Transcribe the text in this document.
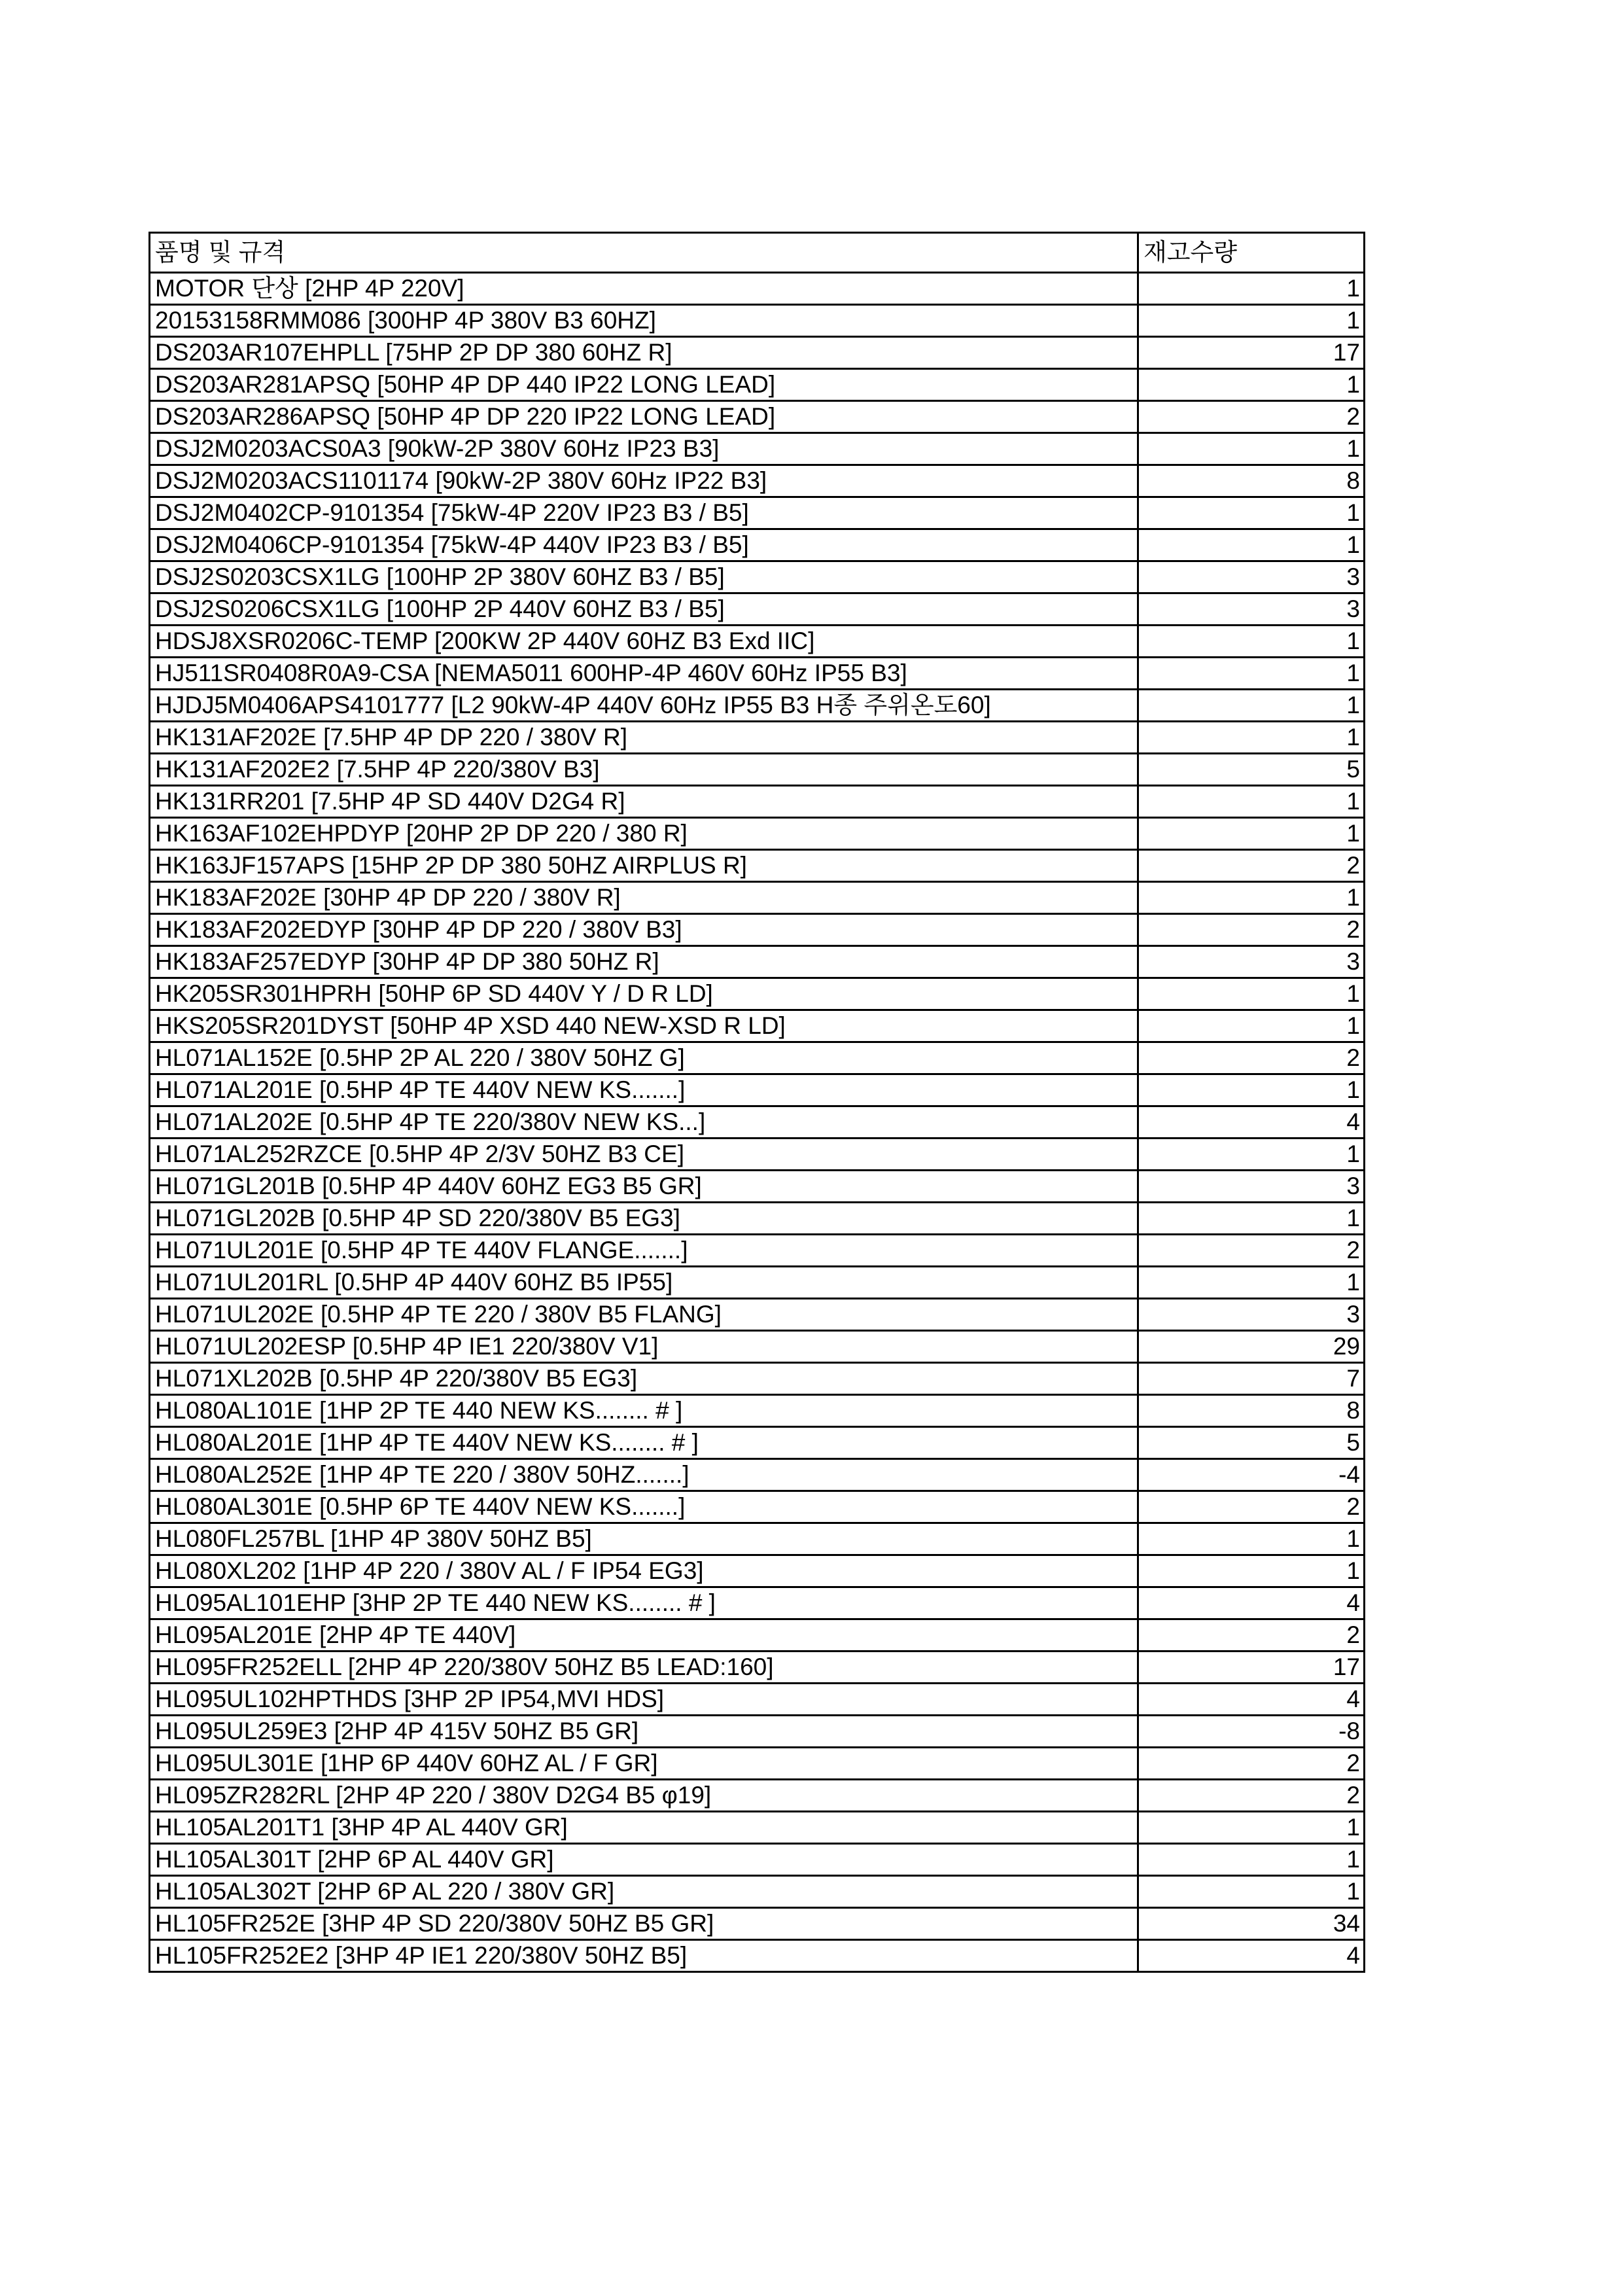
품명 및 규격	재고수량
MOTOR 단상 [2HP 4P 220V]	1
20153158RMM086 [300HP 4P 380V B3 60HZ]	1
DS203AR107EHPLL [75HP 2P DP 380 60HZ R]	17
DS203AR281APSQ [50HP 4P DP 440 IP22 LONG LEAD]	1
DS203AR286APSQ [50HP 4P DP 220 IP22 LONG LEAD]	2
DSJ2M0203ACS0A3 [90kW-2P 380V 60Hz IP23 B3]	1
DSJ2M0203ACS1101174 [90kW-2P 380V 60Hz IP22 B3]	8
DSJ2M0402CP-9101354 [75kW-4P 220V IP23 B3 / B5]	1
DSJ2M0406CP-9101354 [75kW-4P 440V IP23 B3 / B5]	1
DSJ2S0203CSX1LG [100HP 2P 380V 60HZ B3 / B5]	3
DSJ2S0206CSX1LG [100HP 2P 440V 60HZ B3 / B5]	3
HDSJ8XSR0206C-TEMP [200KW 2P 440V 60HZ B3 Exd IIC]	1
HJ511SR0408R0A9-CSA [NEMA5011 600HP-4P 460V 60Hz IP55 B3]	1
HJDJ5M0406APS4101777 [L2 90kW-4P 440V 60Hz IP55 B3 H종 주위온도60]	1
HK131AF202E [7.5HP 4P DP 220 / 380V R]	1
HK131AF202E2 [7.5HP 4P 220/380V B3]	5
HK131RR201 [7.5HP 4P SD 440V D2G4 R]	1
HK163AF102EHPDYP [20HP 2P DP 220 / 380 R]	1
HK163JF157APS [15HP 2P DP 380 50HZ AIRPLUS R]	2
HK183AF202E [30HP 4P DP 220 / 380V R]	1
HK183AF202EDYP [30HP 4P DP 220 / 380V B3]	2
HK183AF257EDYP [30HP 4P DP 380 50HZ R]	3
HK205SR301HPRH [50HP 6P SD 440V Y / D R LD]	1
HKS205SR201DYST [50HP 4P XSD 440 NEW-XSD R LD]	1
HL071AL152E [0.5HP 2P AL 220 / 380V 50HZ G]	2
HL071AL201E [0.5HP 4P TE 440V NEW KS.......]	1
HL071AL202E [0.5HP 4P TE 220/380V NEW KS...]	4
HL071AL252RZCE [0.5HP 4P 2/3V 50HZ B3 CE]	1
HL071GL201B [0.5HP 4P 440V 60HZ EG3 B5 GR]	3
HL071GL202B [0.5HP 4P SD 220/380V B5 EG3]	1
HL071UL201E [0.5HP 4P TE 440V FLANGE.......]	2
HL071UL201RL [0.5HP 4P 440V 60HZ B5 IP55]	1
HL071UL202E [0.5HP 4P TE 220 / 380V B5 FLANG]	3
HL071UL202ESP [0.5HP 4P IE1 220/380V V1]	29
HL071XL202B [0.5HP 4P 220/380V B5 EG3]	7
HL080AL101E [1HP 2P TE 440 NEW KS........ # ]	8
HL080AL201E [1HP 4P TE 440V NEW KS........ # ]	5
HL080AL252E [1HP 4P TE 220 / 380V 50HZ.......]	-4
HL080AL301E [0.5HP 6P TE 440V NEW KS.......]	2
HL080FL257BL [1HP 4P 380V 50HZ B5]	1
HL080XL202 [1HP 4P 220 / 380V AL / F IP54 EG3]	1
HL095AL101EHP [3HP 2P TE 440 NEW KS........ # ]	4
HL095AL201E [2HP 4P TE 440V]	2
HL095FR252ELL [2HP 4P 220/380V 50HZ B5 LEAD:160]	17
HL095UL102HPTHDS [3HP 2P IP54,MVI HDS]	4
HL095UL259E3 [2HP 4P 415V 50HZ B5 GR]	-8
HL095UL301E [1HP 6P 440V 60HZ AL / F GR]	2
HL095ZR282RL [2HP 4P 220 / 380V D2G4 B5 φ19]	2
HL105AL201T1 [3HP 4P AL 440V GR]	1
HL105AL301T [2HP 6P AL 440V GR]	1
HL105AL302T [2HP 6P AL 220 / 380V GR]	1
HL105FR252E [3HP 4P SD 220/380V 50HZ B5 GR]	34
HL105FR252E2 [3HP 4P IE1 220/380V 50HZ B5]	4
